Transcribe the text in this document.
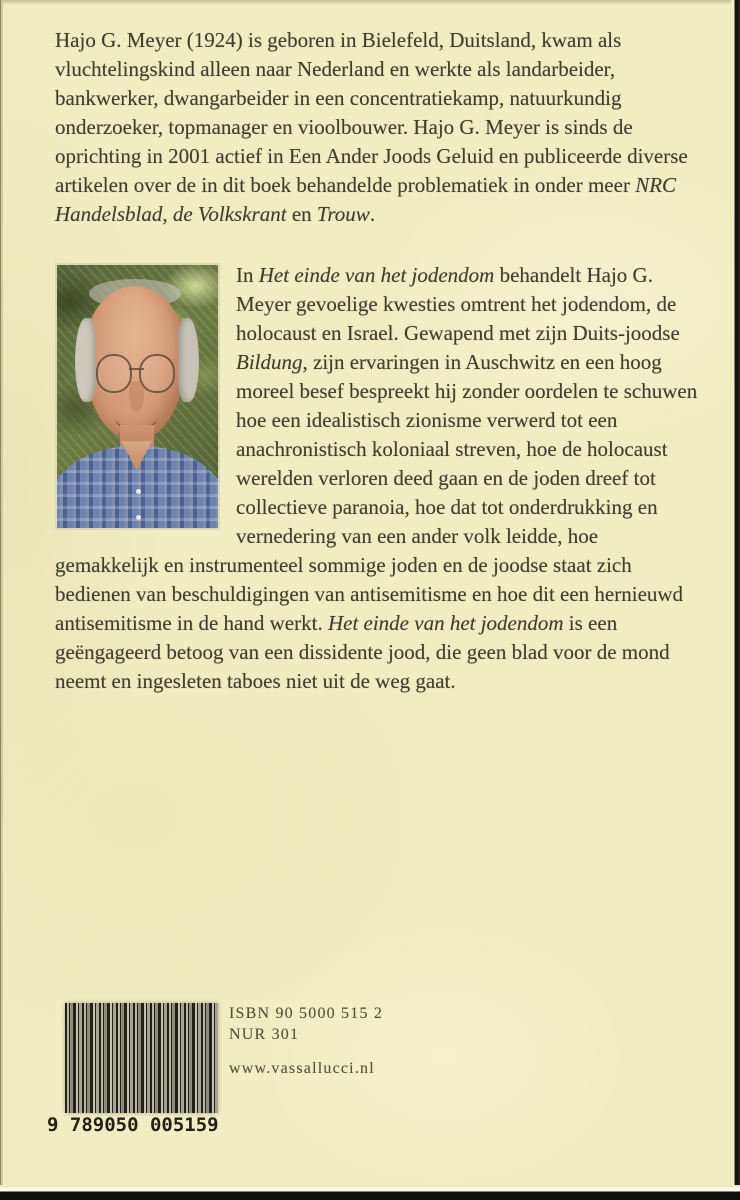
Hajo G. Meyer (1924) is geboren in Bielefeld, Duitsland, kwam als vluchtelingskind alleen naar Nederland en werkte als landarbeider, bankwerker, dwangarbeider in een concentratiekamp, natuurkundig onderzoeker, topmanager en vioolbouwer. Hajo G. Meyer is sinds de oprichting in 2001 actief in Een Ander Joods Geluid en publiceerde diverse artikelen over de in dit boek behandelde problematiek in onder meer NRC Handelsblad, de Volkskrant en Trouw.

In Het einde van het jodendom behandelt Hajo G. Meyer gevoelige kwesties omtrent het jodendom, de holocaust en Israel. Gewapend met zijn Duits-joodse Bildung, zijn ervaringen in Auschwitz en een hoog moreel besef bespreekt hij zonder oordelen te schuwen hoe een idealistisch zionisme verwerd tot een anachronistisch koloniaal streven, hoe de holocaust werelden verloren deed gaan en de joden dreef tot collectieve paranoia, hoe dat tot onderdrukking en vernedering van een ander volk leidde, hoe gemakkelijk en instrumenteel sommige joden en de joodse staat zich bedienen van beschuldigingen van antisemitisme en hoe dit een hernieuwd antisemitisme in de hand werkt. Het einde van het jodendom is een geëngageerd betoog van een dissidente jood, die geen blad voor de mond neemt en ingesleten taboes niet uit de weg gaat.

9 789050 005159
ISBN 90 5000 515 2
NUR 301
www.vassallucci.nl
